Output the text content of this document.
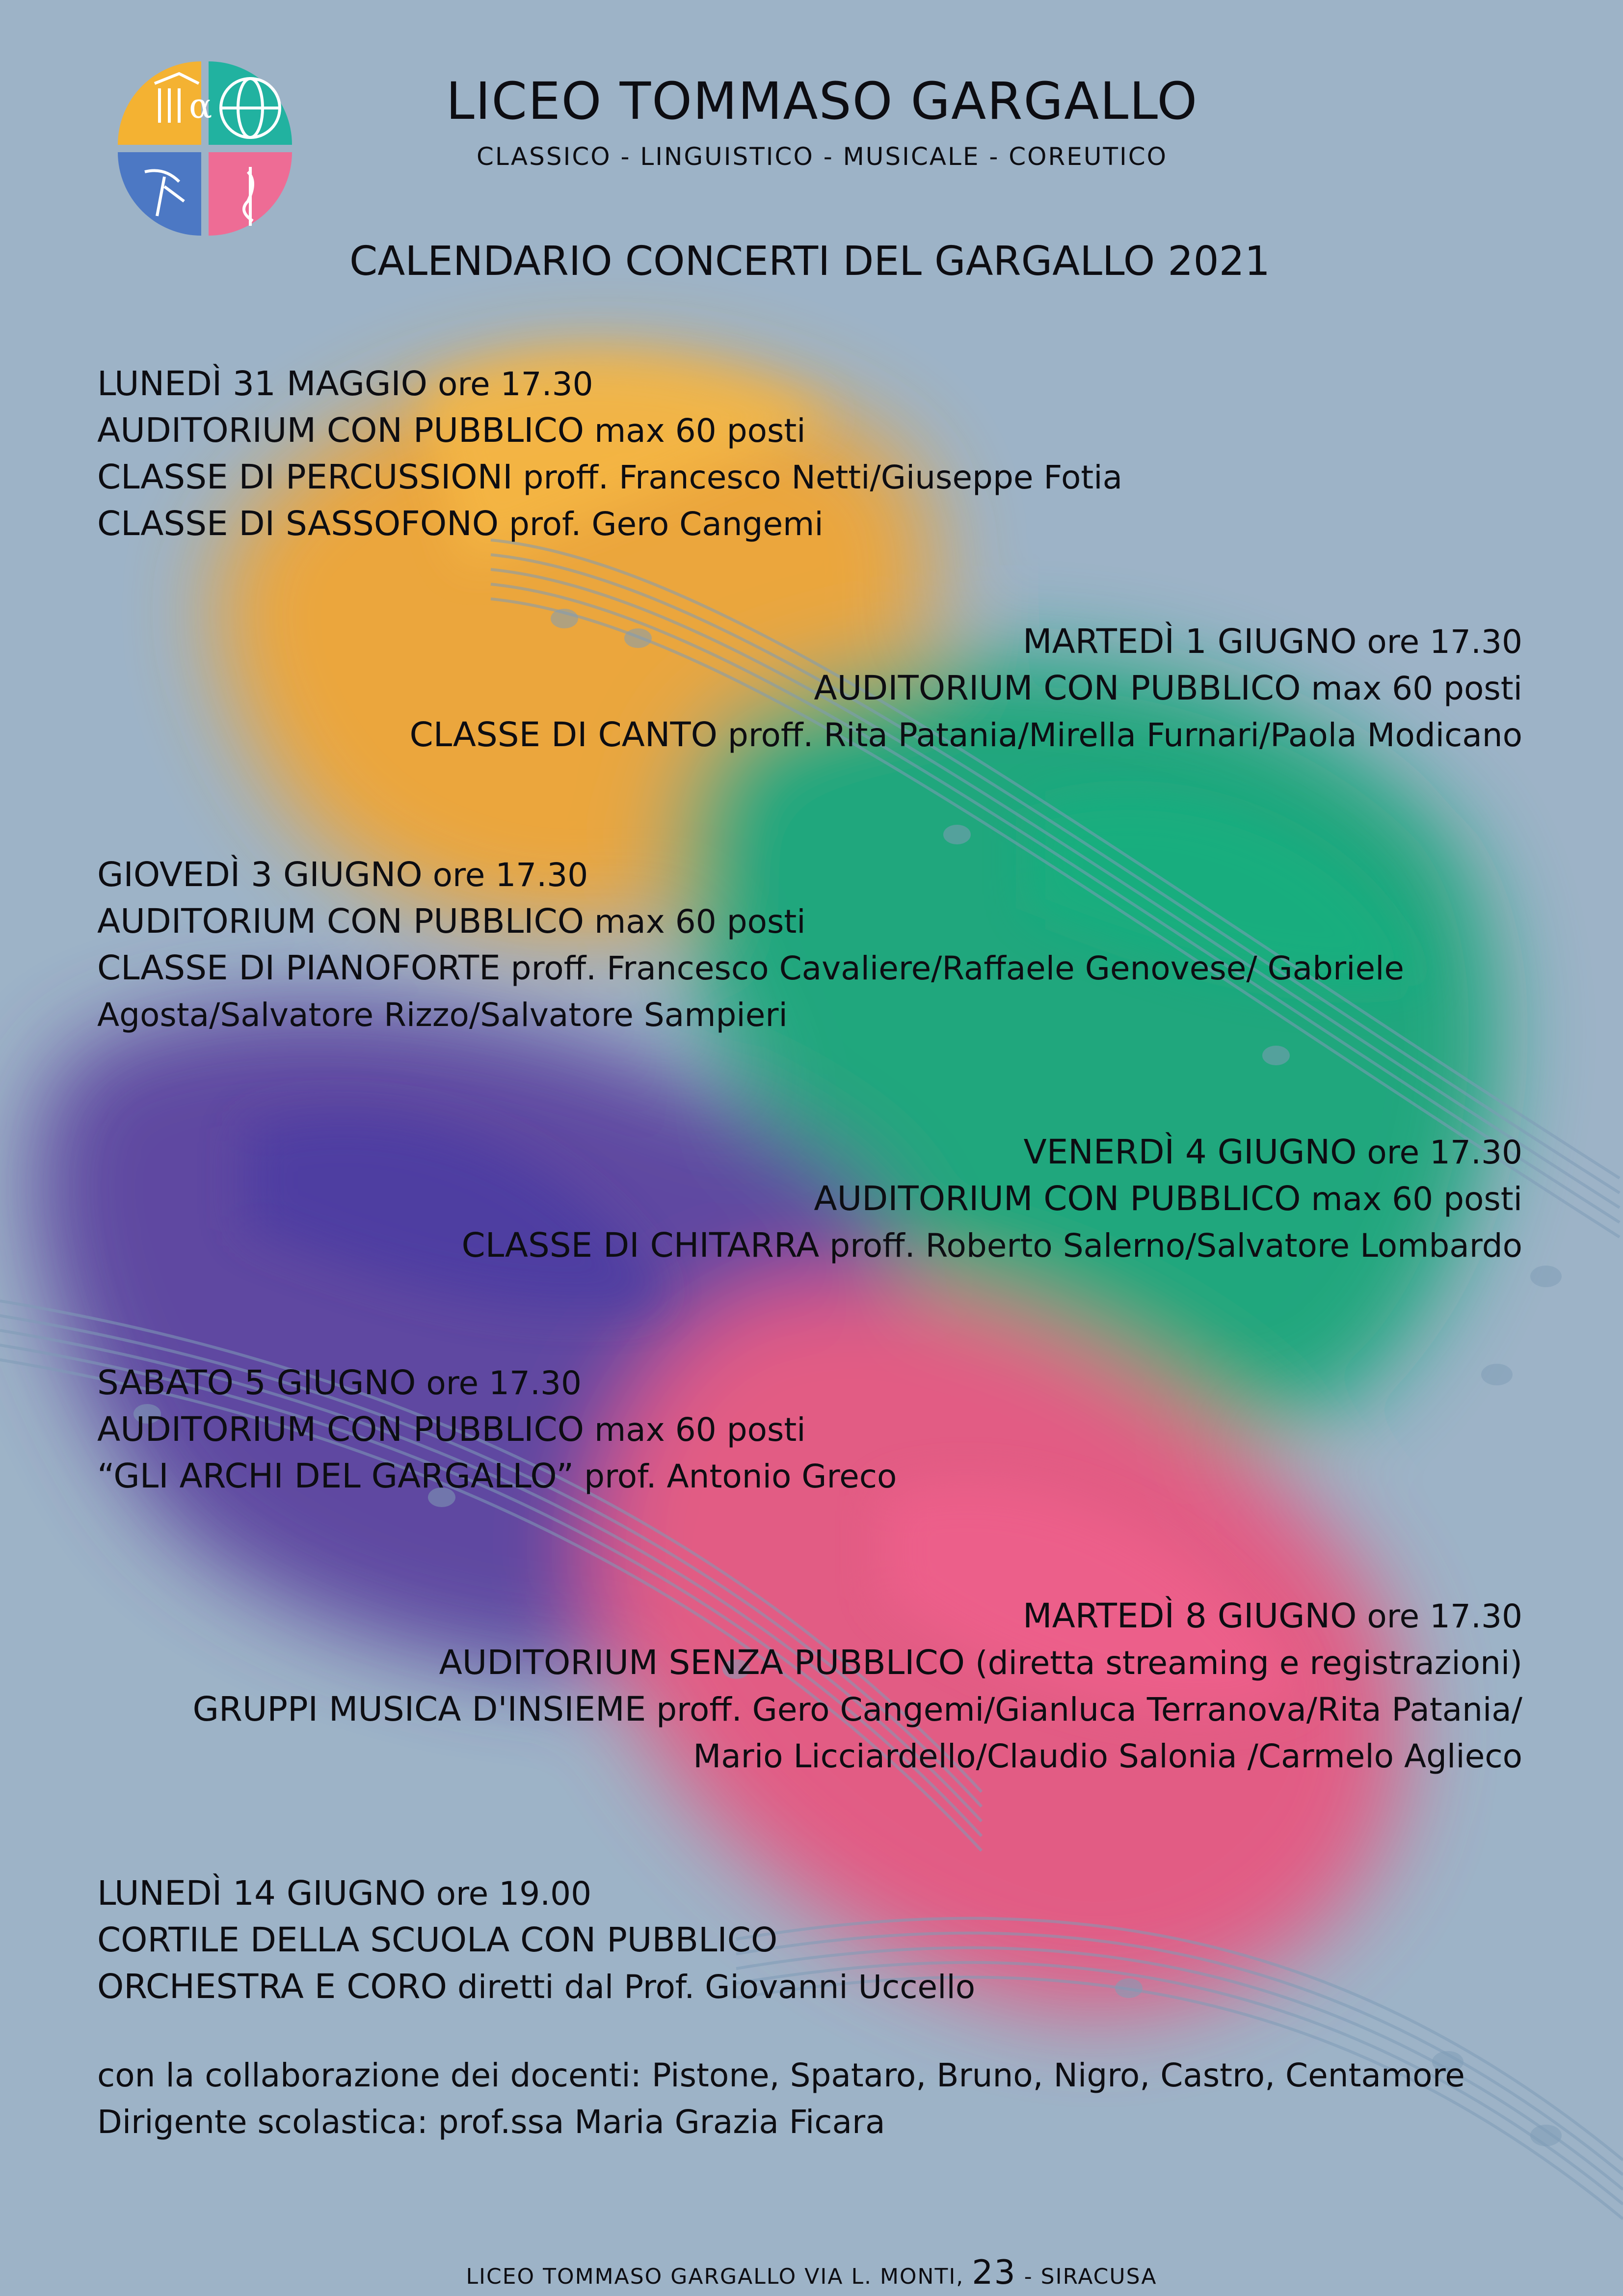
α	LICEO TOMMASO GARGALLO
CLASSICO - LINGUISTICO - MUSICALE - COREUTICO
CALENDARIO CONCERTI DEL GARGALLO 2021
LUNEDÌ 31 MAGGIO ore 17.30
AUDITORIUM CON PUBBLICO max 60 posti
CLASSE DI PERCUSSIONI proff. Francesco Netti/Giuseppe Fotia
CLASSE DI SASSOFONO prof. Gero Cangemi
MARTEDÌ 1 GIUGNO ore 17.30
AUDITORIUM CON PUBBLICO max 60 posti
CLASSE DI CANTO proff. Rita Patania/Mirella Furnari/Paola Modicano
GIOVEDÌ 3 GIUGNO ore 17.30
AUDITORIUM CON PUBBLICO max 60 posti
CLASSE DI PIANOFORTE proff. Francesco Cavaliere/Raffaele Genovese/ Gabriele
Agosta/Salvatore Rizzo/Salvatore Sampieri
VENERDÌ 4 GIUGNO ore 17.30
AUDITORIUM CON PUBBLICO max 60 posti
CLASSE DI CHITARRA proff. Roberto Salerno/Salvatore Lombardo
SABATO 5 GIUGNO ore 17.30
AUDITORIUM CON PUBBLICO max 60 posti
“GLI ARCHI DEL GARGALLO” prof. Antonio Greco
MARTEDÌ 8 GIUGNO ore 17.30
AUDITORIUM SENZA PUBBLICO (diretta streaming e registrazioni)
GRUPPI MUSICA D'INSIEME proff. Gero Cangemi/Gianluca Terranova/Rita Patania/
Mario Licciardello/Claudio Salonia /Carmelo Aglieco
LUNEDÌ 14 GIUGNO ore 19.00
CORTILE DELLA SCUOLA CON PUBBLICO
ORCHESTRA E CORO diretti dal Prof. Giovanni Uccello
con la collaborazione dei docenti: Pistone, Spataro, Bruno, Nigro, Castro, Centamore
Dirigente scolastica: prof.ssa Maria Grazia Ficara
LICEO TOMMASO GARGALLO VIA L. MONTI, 23 - SIRACUSA
